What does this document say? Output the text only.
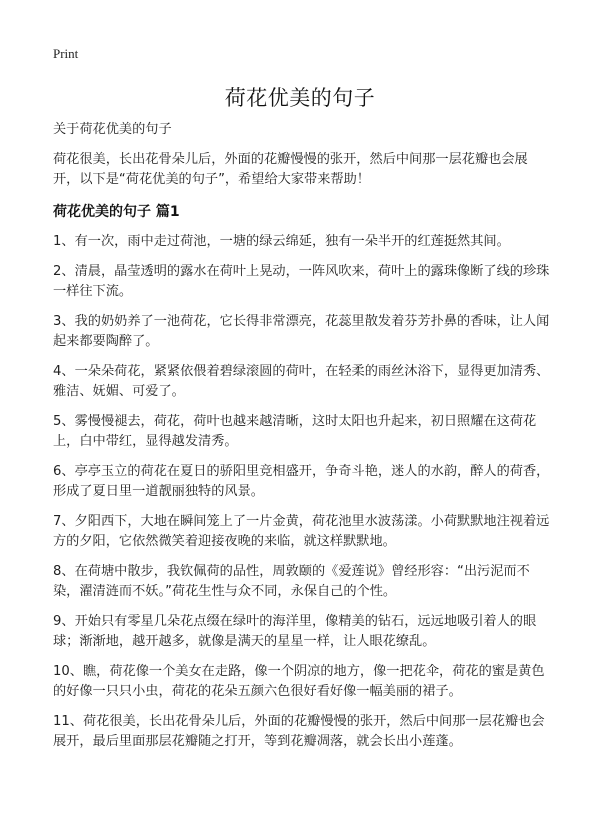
Print
荷花优美的句子

关于荷花优美的句子

荷花很美，长出花骨朵儿后，外面的花瓣慢慢的张开，然后中间那一层花瓣也会展开，以下是“荷花优美的句子”，希望给大家带来帮助！

荷花优美的句子 篇1
1、有一次，雨中走过荷池，一塘的绿云绵延，独有一朵半开的红莲挺然其间。
2、清晨，晶莹透明的露水在荷叶上晃动，一阵风吹来，荷叶上的露珠像断了线的珍珠一样往下流。
3、我的奶奶养了一池荷花，它长得非常漂亮，花蕊里散发着芬芳扑鼻的香味，让人闻起来都要陶醉了。
4、一朵朵荷花，紧紧依偎着碧绿滚圆的荷叶，在轻柔的雨丝沐浴下，显得更加清秀、雅洁、妩媚、可爱了。
5、雾慢慢褪去，荷花，荷叶也越来越清晰，这时太阳也升起来，初日照耀在这荷花上，白中带红，显得越发清秀。
6、亭亭玉立的荷花在夏日的骄阳里竞相盛开，争奇斗艳，迷人的水韵，醉人的荷香，形成了夏日里一道靓丽独特的风景。
7、夕阳西下，大地在瞬间笼上了一片金黄，荷花池里水波荡漾。小荷默默地注视着远方的夕阳，它依然微笑着迎接夜晚的来临，就这样默默地。
8、在荷塘中散步，我钦佩荷的品性，周敦颐的《爱莲说》曾经形容：“出污泥而不染，濯清涟而不妖。”荷花生性与众不同，永保自己的个性。
9、开始只有零星几朵花点缀在绿叶的海洋里，像精美的钻石，远远地吸引着人的眼球；渐渐地，越开越多，就像是满天的星星一样，让人眼花缭乱。
10、瞧，荷花像一个美女在走路，像一个阴凉的地方，像一把花伞，荷花的蜜是黄色的好像一只只小虫，荷花的花朵五颜六色很好看好像一幅美丽的裙子。
11、荷花很美，长出花骨朵儿后，外面的花瓣慢慢的张开，然后中间那一层花瓣也会展开，最后里面那层花瓣随之打开，等到花瓣凋落，就会长出小莲蓬。
